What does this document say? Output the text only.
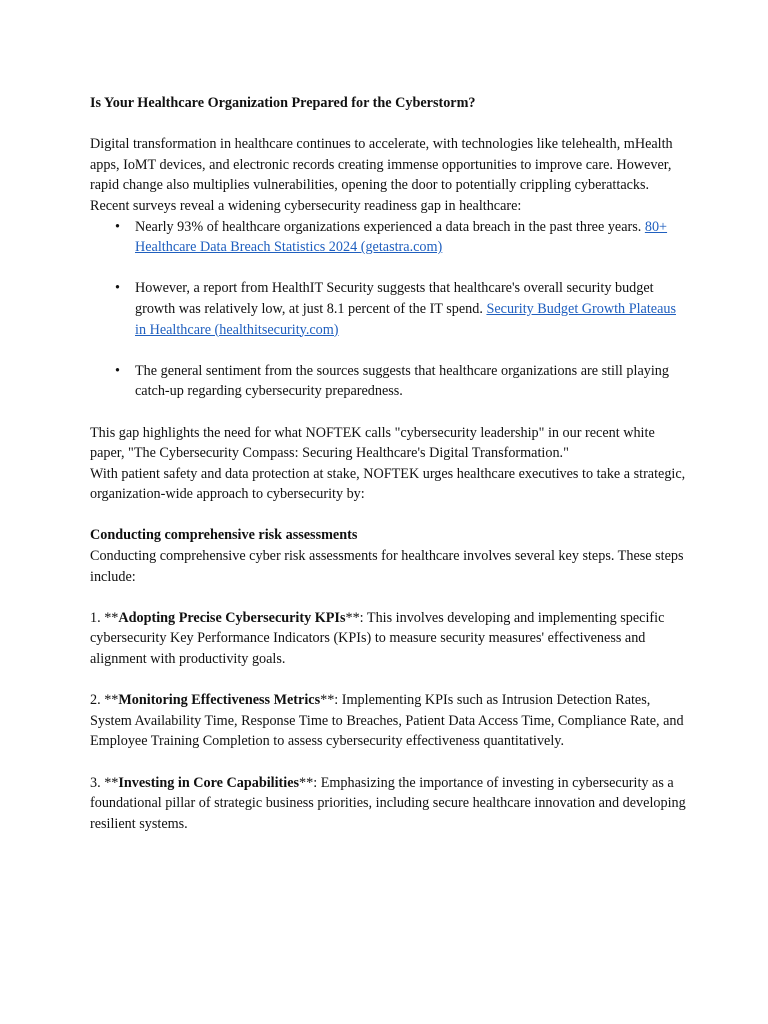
Is Your Healthcare Organization Prepared for the Cyberstorm?

Digital transformation in healthcare continues to accelerate, with technologies like telehealth, mHealth apps, IoMT devices, and electronic records creating immense opportunities to improve care. However, rapid change also multiplies vulnerabilities, opening the door to potentially crippling cyberattacks.

Recent surveys reveal a widening cybersecurity readiness gap in healthcare:

• Nearly 93% of healthcare organizations experienced a data breach in the past three years. 80+ Healthcare Data Breach Statistics 2024 (getastra.com)
• However, a report from HealthIT Security suggests that healthcare's overall security budget growth was relatively low, at just 8.1 percent of the IT spend. Security Budget Growth Plateaus in Healthcare (healthitsecurity.com)
• The general sentiment from the sources suggests that healthcare organizations are still playing catch-up regarding cybersecurity preparedness.

This gap highlights the need for what NOFTEK calls "cybersecurity leadership" in our recent white paper, "The Cybersecurity Compass: Securing Healthcare's Digital Transformation."

With patient safety and data protection at stake, NOFTEK urges healthcare executives to take a strategic, organization-wide approach to cybersecurity by:

Conducting comprehensive risk assessments

Conducting comprehensive cyber risk assessments for healthcare involves several key steps. These steps include:

1. **Adopting Precise Cybersecurity KPIs**: This involves developing and implementing specific cybersecurity Key Performance Indicators (KPIs) to measure security measures' effectiveness and alignment with productivity goals.

2. **Monitoring Effectiveness Metrics**: Implementing KPIs such as Intrusion Detection Rates, System Availability Time, Response Time to Breaches, Patient Data Access Time, Compliance Rate, and Employee Training Completion to assess cybersecurity effectiveness quantitatively.

3. **Investing in Core Capabilities**: Emphasizing the importance of investing in cybersecurity as a foundational pillar of strategic business priorities, including secure healthcare innovation and developing resilient systems.
